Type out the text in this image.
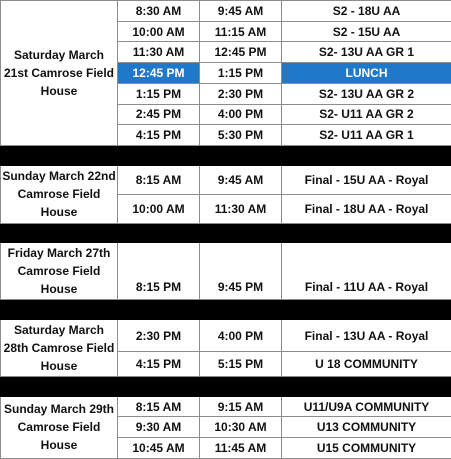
Saturday March 21st Camrose Field House	8:30 AM	9:45 AM	S2 - 18U AA
	10:00 AM	11:15 AM	S2 - 15U AA
	11:30 AM	12:45 PM	S2- 13U AA GR 1
	12:45 PM	1:15 PM	LUNCH
	1:15 PM	2:30 PM	S2- 13U AA GR 2
	2:45 PM	4:00 PM	S2- U11 AA GR 2
	4:15 PM	5:30 PM	S2- U11 AA GR 1

Sunday March 22nd Camrose Field House	8:15 AM	9:45 AM	Final - 15U AA - Royal
	10:00 AM	11:30 AM	Final - 18U AA - Royal

Friday March 27th Camrose Field House	8:15 PM	9:45 PM	Final - 11U AA - Royal

Saturday March 28th Camrose Field House	2:30 PM	4:00 PM	Final - 13U AA - Royal
	4:15 PM	5:15 PM	U 18 COMMUNITY

Sunday March 29th Camrose Field House	8:15 AM	9:15 AM	U11/U9A COMMUNITY
	9:30 AM	10:30 AM	U13 COMMUNITY
	10:45 AM	11:45 AM	U15 COMMUNITY
